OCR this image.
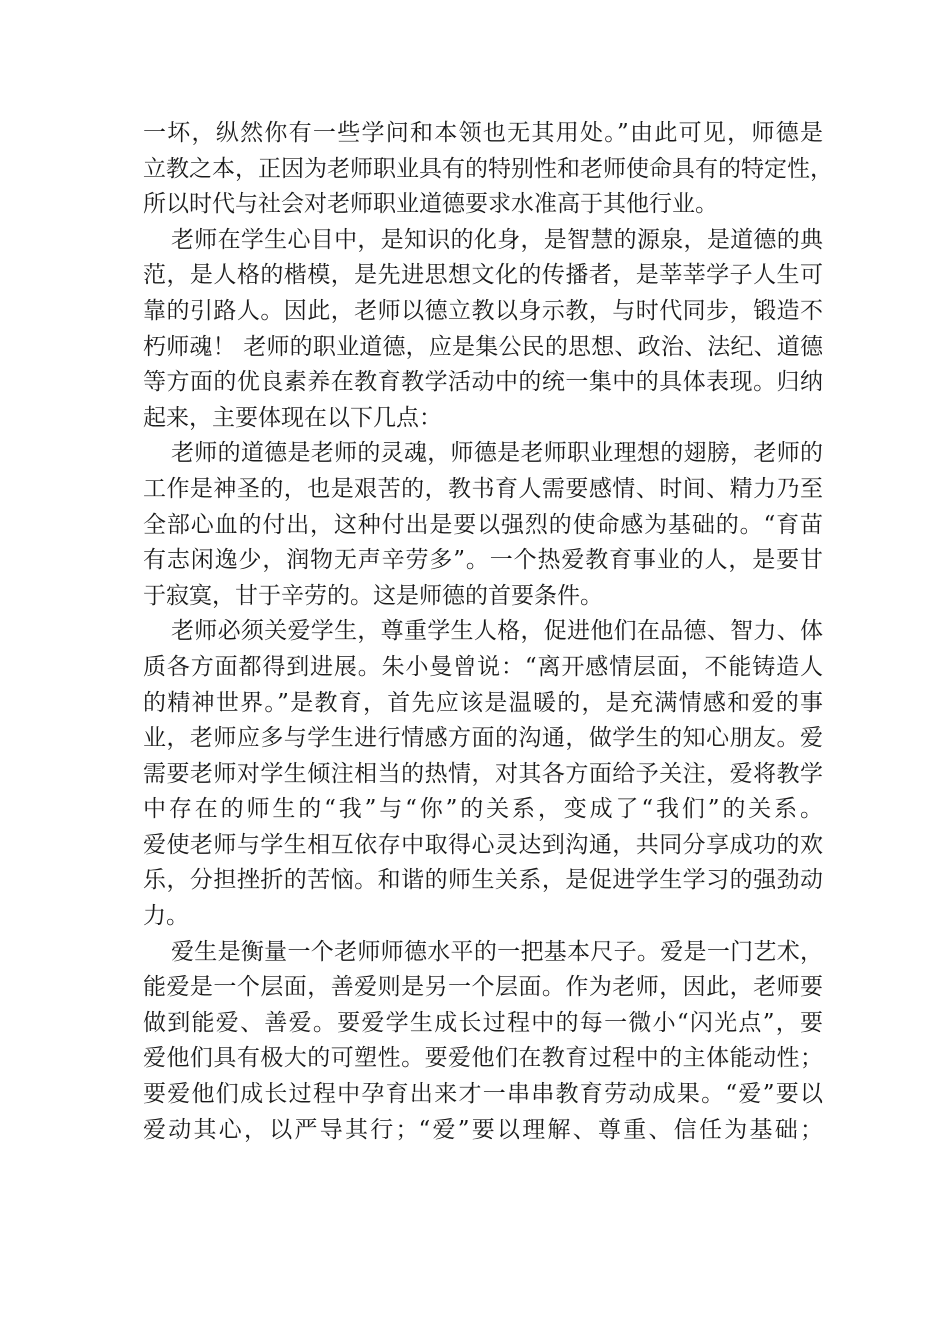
一坏，纵然你有一些学问和本领也无其用处。”由此可见，师德是
立教之本，正因为老师职业具有的特别性和老师使命具有的特定性，
所以时代与社会对老师职业道德要求水准高于其他行业。
老师在学生心目中，是知识的化身，是智慧的源泉，是道德的典
范，是人格的楷模，是先进思想文化的传播者，是莘莘学子人生可
靠的引路人。因此，老师以德立教以身示教，与时代同步，锻造不
朽师魂！ 老师的职业道德，应是集公民的思想、政治、法纪、道德
等方面的优良素养在教育教学活动中的统一集中的具体表现。归纳
起来，主要体现在以下几点：
老师的道德是老师的灵魂，师德是老师职业理想的翅膀，老师的
工作是神圣的，也是艰苦的，教书育人需要感情、时间、精力乃至
全部心血的付出，这种付出是要以强烈的使命感为基础的。“育苗
有志闲逸少，润物无声辛劳多”。一个热爱教育事业的人，是要甘
于寂寞，甘于辛劳的。这是师德的首要条件。
老师必须关爱学生，尊重学生人格，促进他们在品德、智力、体
质各方面都得到进展。朱小曼曾说：“离开感情层面，不能铸造人
的精神世界。”是教育，首先应该是温暖的，是充满情感和爱的事
业，老师应多与学生进行情感方面的沟通，做学生的知心朋友。爱
需要老师对学生倾注相当的热情，对其各方面给予关注，爱将教学
中存在的师生的“我”与“你”的关系，变成了“我们”的关系。
爱使老师与学生相互依存中取得心灵达到沟通，共同分享成功的欢
乐，分担挫折的苦恼。和谐的师生关系，是促进学生学习的强劲动
力。
爱生是衡量一个老师师德水平的一把基本尺子。爱是一门艺术，
能爱是一个层面，善爱则是另一个层面。作为老师，因此，老师要
做到能爱、善爱。要爱学生成长过程中的每一微小“闪光点”，要
爱他们具有极大的可塑性。要爱他们在教育过程中的主体能动性；
要爱他们成长过程中孕育出来才一串串教育劳动成果。“爱”要以
爱动其心，以严导其行；“爱”要以理解、尊重、信任为基础；
